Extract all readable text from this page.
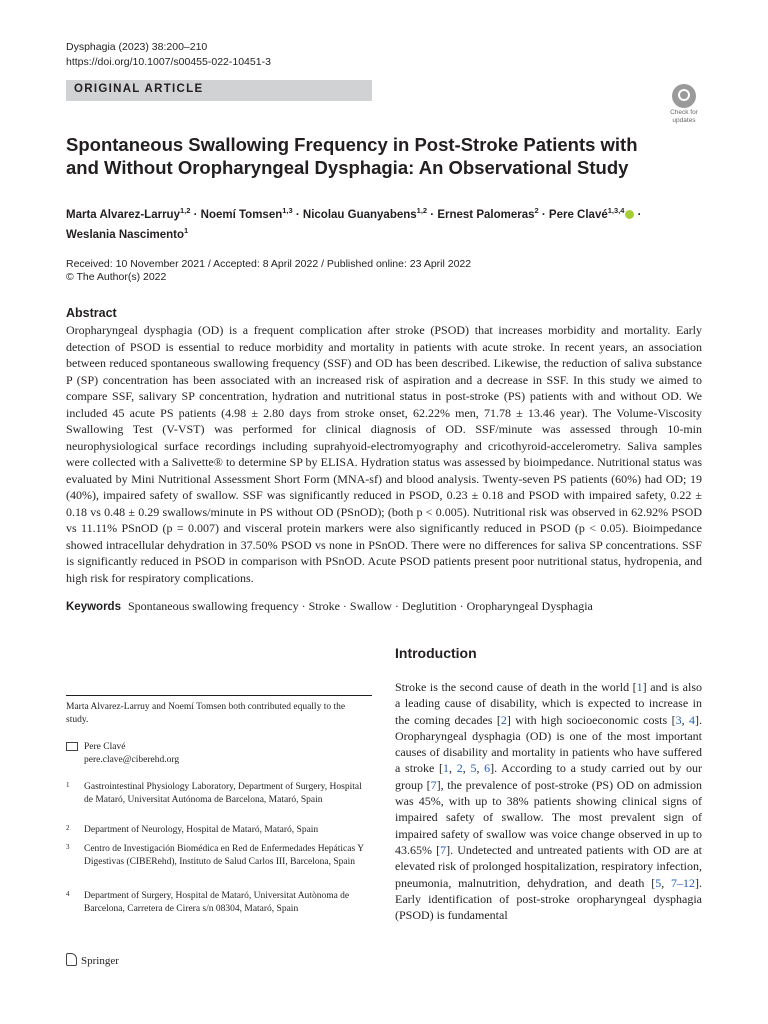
Dysphagia (2023) 38:200–210
https://doi.org/10.1007/s00455-022-10451-3
ORIGINAL ARTICLE
Check for
updates
Spontaneous Swallowing Frequency in Post-Stroke Patients with and Without Oropharyngeal Dysphagia: An Observational Study
Marta Alvarez-Larruy$^{1,2}$ · Noemí Tomsen$^{1,3}$ · Nicolau Guanyabens$^{1,2}$ · Ernest Palomeras$^2$ · Pere Clavé$^{1,3,4}$ ·
Weslania Nascimento$^1$
Received: 10 November 2021 / Accepted: 8 April 2022 / Published online: 23 April 2022
© The Author(s) 2022
Abstract

Oropharyngeal dysphagia (OD) is a frequent complication after stroke (PSOD) that increases morbidity and mortality. Early detection of PSOD is essential to reduce morbidity and mortality in patients with acute stroke. In recent years, an association between reduced spontaneous swallowing frequency (SSF) and OD has been described. Likewise, the reduction of saliva substance P (SP) concentration has been associated with an increased risk of aspiration and a decrease in SSF. In this study we aimed to compare SSF, salivary SP concentration, hydration and nutritional status in post-stroke (PS) patients with and without OD. We included 45 acute PS patients (4.98 ± 2.80 days from stroke onset, 62.22% men, 71.78 ± 13.46 year). The Volume-Viscosity Swallowing Test (V-VST) was performed for clinical diagnosis of OD. SSF/minute was assessed through 10-min neurophysiological surface recordings including suprahyoid-electromyography and cricothyroid-accelerometry. Saliva samples were collected with a Salivette® to determine SP by ELISA. Hydration status was assessed by bioimpedance. Nutritional status was evaluated by Mini Nutritional Assessment Short Form (MNA-sf) and blood analysis. Twenty-seven PS patients (60%) had OD; 19 (40%), impaired safety of swallow. SSF was significantly reduced in PSOD, 0.23 ± 0.18 and PSOD with impaired safety, 0.22 ± 0.18 vs 0.48 ± 0.29 swallows/minute in PS without OD (PSnOD); (both p < 0.005). Nutritional risk was observed in 62.92% PSOD vs 11.11% PSnOD (p = 0.007) and visceral protein markers were also significantly reduced in PSOD (p < 0.05). Bioimpedance showed intracellular dehydration in 37.50% PSOD vs none in PSnOD. There were no differences for saliva SP concentrations. SSF is significantly reduced in PSOD in comparison with PSnOD. Acute PSOD patients present poor nutritional status, hydropenia, and high risk for respiratory complications.

Keywords Spontaneous swallowing frequency · Stroke · Swallow · Deglutition · Oropharyngeal Dysphagia
Introduction

Stroke is the second cause of death in the world [1] and is also a leading cause of disability, which is expected to increase in the coming decades [2] with high socioeconomic costs [3, 4]. Oropharyngeal dysphagia (OD) is one of the most important causes of disability and mortality in patients who have suffered a stroke [1, 2, 5, 6]. According to a study carried out by our group [7], the prevalence of post-stroke (PS) OD on admission was 45%, with up to 38% patients showing clinical signs of impaired safety of swallow. The most prevalent sign of impaired safety of swallow was voice change observed in up to 43.65% [7]. Undetected and untreated patients with OD are at elevated risk of prolonged hospitalization, respiratory infection, pneumonia, malnutrition, dehydration, and death [5, 7–12]. Early identification of post-stroke oropharyngeal dysphagia (PSOD) is fundamental

Marta Alvarez-Larruy and Noemí Tomsen both contributed equally to the study.
Pere Clavé
pere.clave@ciberehd.org
1 Gastrointestinal Physiology Laboratory, Department of Surgery, Hospital de Mataró, Universitat Autónoma de Barcelona, Mataró, Spain
2 Department of Neurology, Hospital de Mataró, Mataró, Spain
3 Centro de Investigación Biomédica en Red de Enfermedades Hepáticas Y Digestivas (CIBERehd), Instituto de Salud Carlos III, Barcelona, Spain
4 Department of Surgery, Hospital de Mataró, Universitat Autònoma de Barcelona, Carretera de Cirera s/n 08304, Mataró, Spain
Springer
